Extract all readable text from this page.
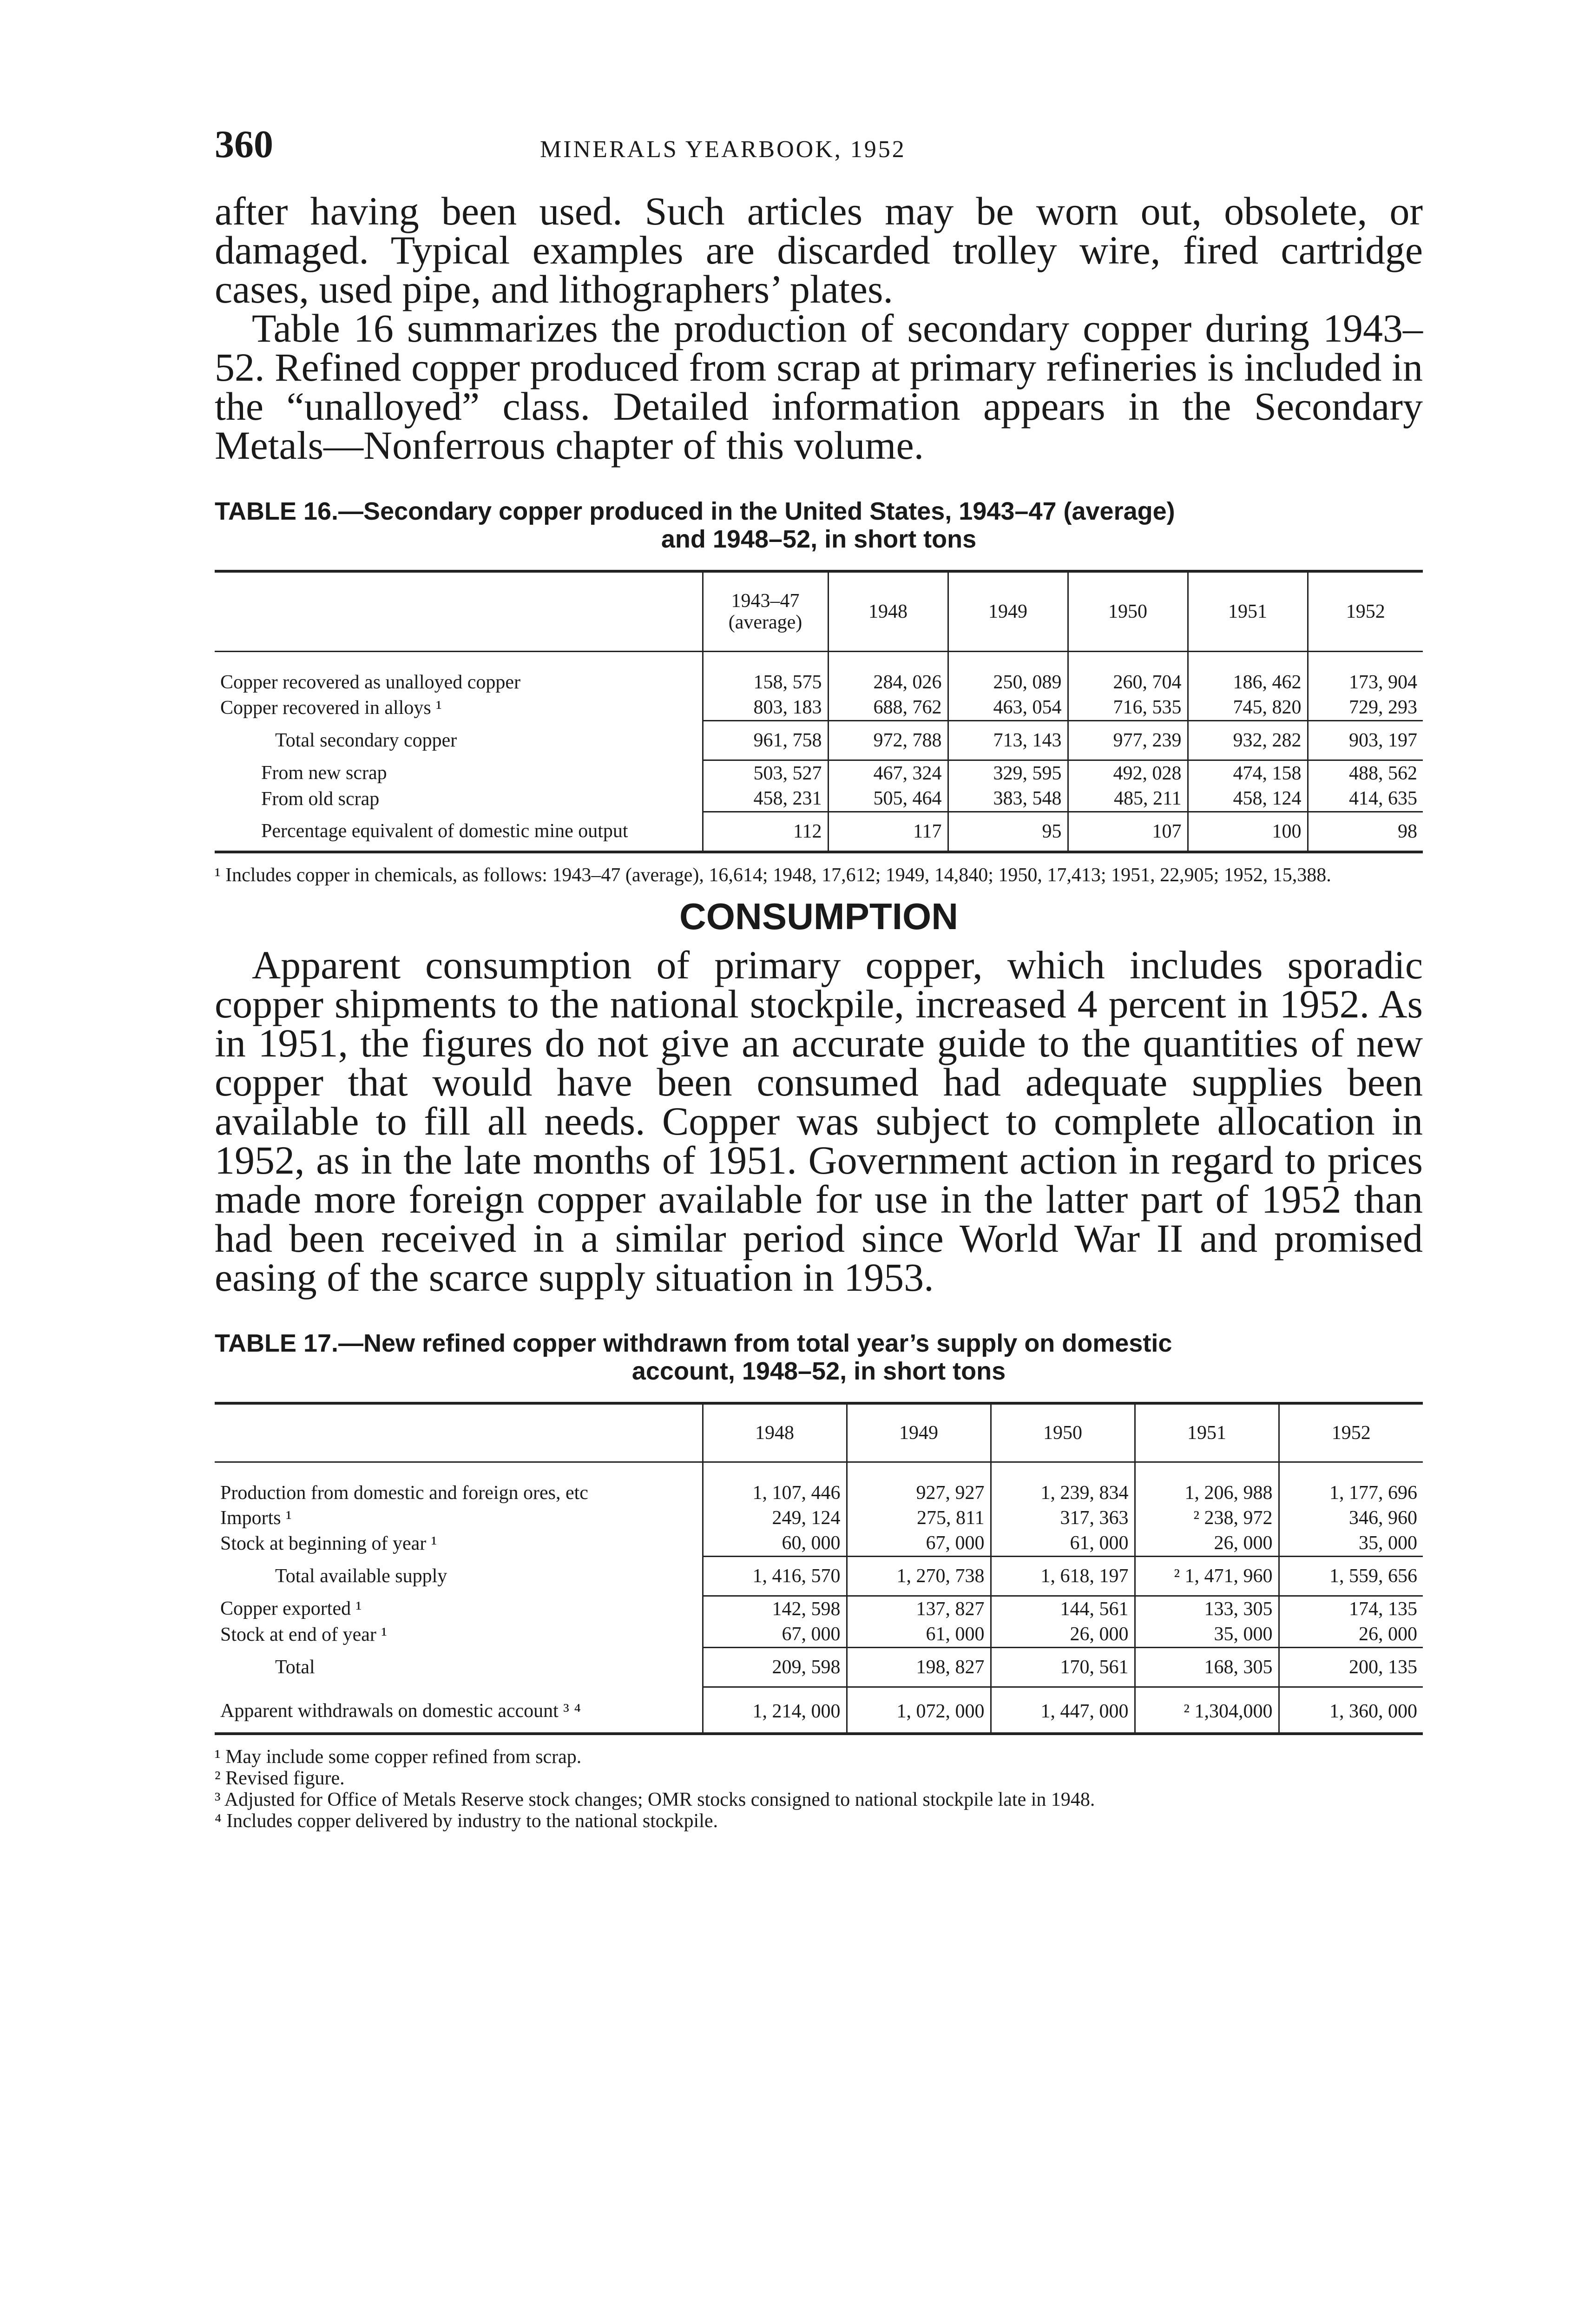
360	MINERALS YEARBOOK, 1952

after having been used. Such articles may be worn out, obsolete, or damaged. Typical examples are discarded trolley wire, fired cartridge cases, used pipe, and lithographers’ plates.

Table 16 summarizes the production of secondary copper during 1943–52. Refined copper produced from scrap at primary refineries is included in the “unalloyed” class. Detailed information appears in the Secondary Metals—Nonferrous chapter of this volume.

TABLE 16.—Secondary copper produced in the United States, 1943–47 (average)
and 1948–52, in short tons

	1943–47 (average)	1948	1949	1950	1951	1952
Copper recovered as unalloyed copper	158, 575	284, 026	250, 089	260, 704	186, 462	173, 904
Copper recovered in alloys ¹	803, 183	688, 762	463, 054	716, 535	745, 820	729, 293
Total secondary copper	961, 758	972, 788	713, 143	977, 239	932, 282	903, 197
From new scrap	503, 527	467, 324	329, 595	492, 028	474, 158	488, 562
From old scrap	458, 231	505, 464	383, 548	485, 211	458, 124	414, 635
Percentage equivalent of domestic mine output	112	117	95	107	100	98

¹ Includes copper in chemicals, as follows: 1943–47 (average), 16,614; 1948, 17,612; 1949, 14,840; 1950, 17,413; 1951, 22,905; 1952, 15,388.

CONSUMPTION

Apparent consumption of primary copper, which includes sporadic copper shipments to the national stockpile, increased 4 percent in 1952. As in 1951, the figures do not give an accurate guide to the quantities of new copper that would have been consumed had adequate supplies been available to fill all needs. Copper was subject to complete allocation in 1952, as in the late months of 1951. Government action in regard to prices made more foreign copper available for use in the latter part of 1952 than had been received in a similar period since World War II and promised easing of the scarce supply situation in 1953.

TABLE 17.—New refined copper withdrawn from total year’s supply on domestic
account, 1948–52, in short tons

	1948	1949	1950	1951	1952
Production from domestic and foreign ores, etc	1, 107, 446	927, 927	1, 239, 834	1, 206, 988	1, 177, 696
Imports ¹	249, 124	275, 811	317, 363	² 238, 972	346, 960
Stock at beginning of year ¹	60, 000	67, 000	61, 000	26, 000	35, 000
Total available supply	1, 416, 570	1, 270, 738	1, 618, 197	² 1, 471, 960	1, 559, 656
Copper exported ¹	142, 598	137, 827	144, 561	133, 305	174, 135
Stock at end of year ¹	67, 000	61, 000	26, 000	35, 000	26, 000
Total	209, 598	198, 827	170, 561	168, 305	200, 135
Apparent withdrawals on domestic account ³ ⁴	1, 214, 000	1, 072, 000	1, 447, 000	² 1,304,000	1, 360, 000

¹ May include some copper refined from scrap.

² Revised figure.

³ Adjusted for Office of Metals Reserve stock changes; OMR stocks consigned to national stockpile late in 1948.

⁴ Includes copper delivered by industry to the national stockpile.
